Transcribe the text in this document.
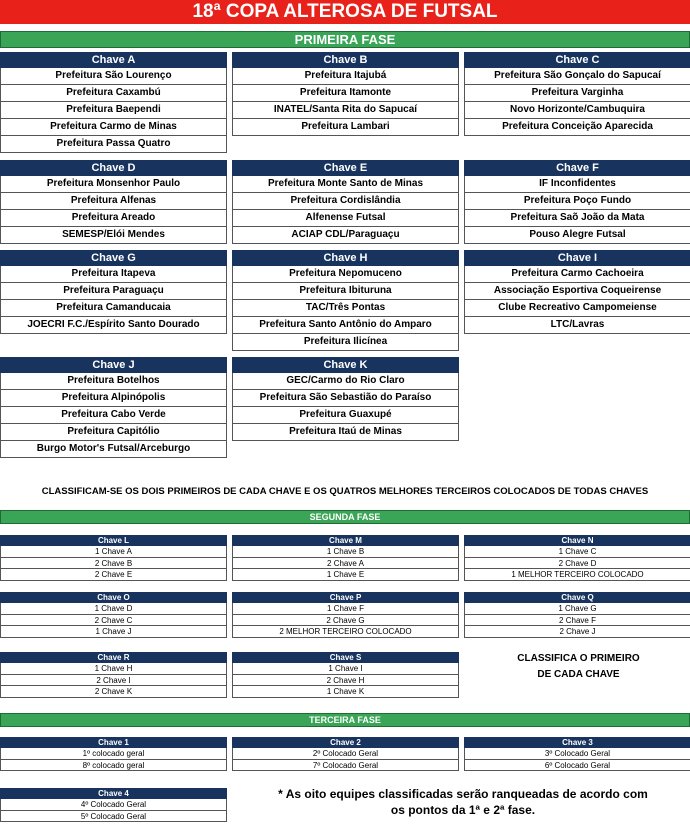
18ª COPA ALTEROSA DE FUTSAL
PRIMEIRA FASE
Chave A
Prefeitura São Lourenço
Prefeitura Caxambú
Prefeitura Baependi
Prefeitura Carmo de Minas
Prefeitura Passa Quatro
Chave B
Prefeitura Itajubá
Prefeitura Itamonte
INATEL/Santa Rita do Sapucaí
Prefeitura Lambari
Chave C
Prefeitura São Gonçalo do Sapucaí
Prefeitura Varginha
Novo Horizonte/Cambuquira
Prefeitura Conceição Aparecida
Chave D
Prefeitura Monsenhor Paulo
Prefeitura Alfenas
Prefeitura Areado
SEMESP/Elói Mendes
Chave E
Prefeitura Monte Santo de Minas
Prefeitura Cordislândia
Alfenense Futsal
ACIAP CDL/Paraguaçu
Chave F
IF Inconfidentes
Prefeitura Poço Fundo
Prefeitura Saõ João da Mata
Pouso Alegre Futsal
Chave G
Prefeitura Itapeva
Prefeitura Paraguaçu
Prefeitura Camanducaia
JOECRI F.C./Espírito Santo Dourado
Chave H
Prefeitura Nepomuceno
Prefeitura Ibituruna
TAC/Três Pontas
Prefeitura Santo Antônio do Amparo
Prefeitura Ilicínea
Chave I
Prefeitura Carmo Cachoeira
Associação Esportiva Coqueirense
Clube Recreativo Campomeiense
LTC/Lavras
Chave J
Prefeitura Botelhos
Prefeitura Alpinópolis
Prefeitura Cabo Verde
Prefeitura Capitólio
Burgo Motor's Futsal/Arceburgo
Chave K
GEC/Carmo do Rio Claro
Prefeitura São Sebastião do Paraíso
Prefeitura Guaxupé
Prefeitura Itaú de Minas
CLASSIFICAM-SE OS DOIS PRIMEIROS DE CADA CHAVE E OS QUATROS MELHORES TERCEIROS COLOCADOS DE TODAS CHAVES
SEGUNDA FASE
Chave L
1 Chave A
2 Chave B
2 Chave E
Chave M
1 Chave B
2 Chave A
1 Chave E
Chave N
1 Chave C
2 Chave D
1 MELHOR TERCEIRO COLOCADO
Chave O
1 Chave D
2 Chave C
1 Chave J
Chave P
1 Chave F
2 Chave G
2 MELHOR TERCEIRO COLOCADO
Chave Q
1 Chave G
2 Chave F
2 Chave J
Chave R
1 Chave H
2 Chave I
2 Chave K
Chave S
1 Chave I
2 Chave H
1 Chave K
CLASSIFICA O PRIMEIRO
DE CADA CHAVE
TERCEIRA FASE
Chave 1
1º colocado geral
8º colocado geral
Chave 2
2º Colocado Geral
7º Colocado Geral
Chave 3
3º Colocado Geral
6º Colocado Geral
Chave 4
4º Colocado Geral
5º Colocado Geral
* As oito equipes classificadas serão ranqueadas de acordo com
os pontos da 1ª e 2ª fase.
